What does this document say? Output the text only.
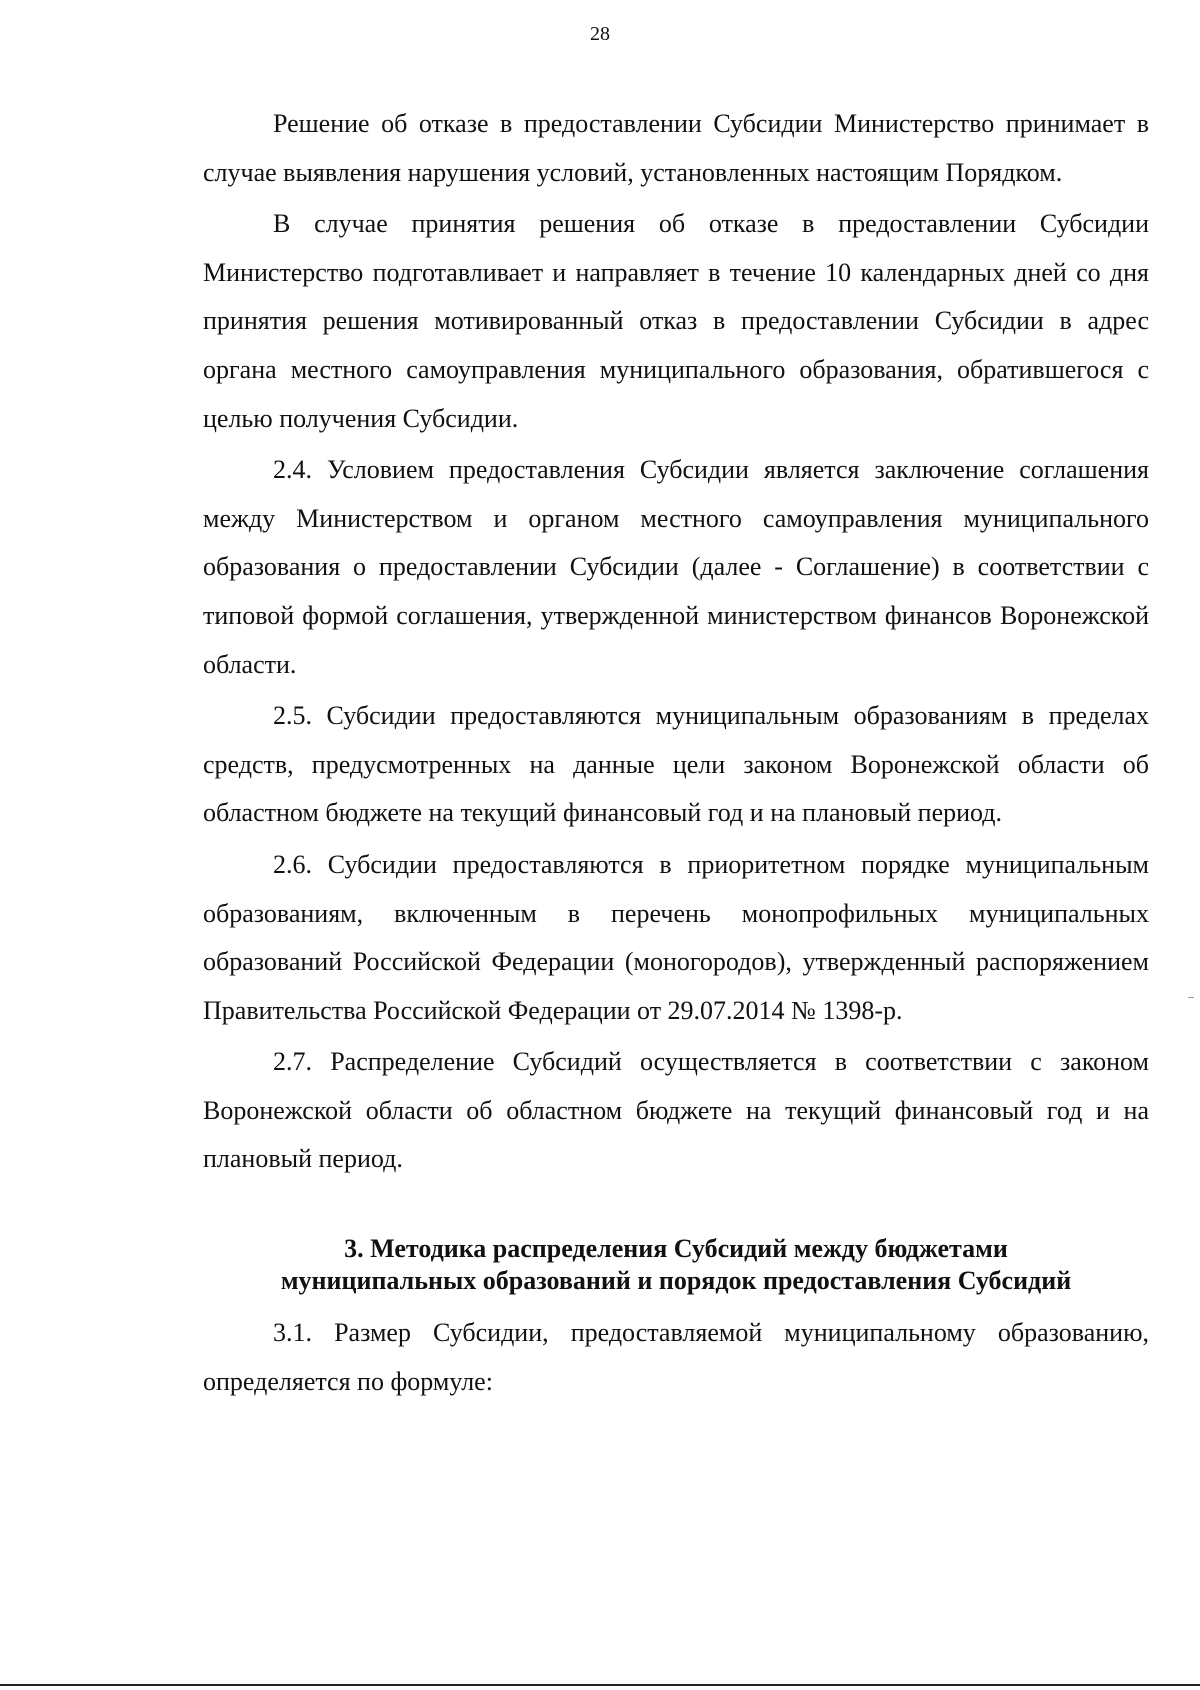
28

Решение об отказе в предоставлении Субсидии Министерство принимает в случае выявления нарушения условий, установленных настоящим Порядком.

В случае принятия решения об отказе в предоставлении Субсидии Министерство подготавливает и направляет в течение 10 календарных дней со дня принятия решения мотивированный отказ в предоставлении Субсидии в адрес органа местного самоуправления муниципального образования, обратившегося с целью получения Субсидии.

2.4. Условием предоставления Субсидии является заключение соглашения между Министерством и органом местного самоуправления муниципального образования о предоставлении Субсидии (далее - Соглашение) в соответствии с типовой формой соглашения, утвержденной министерством финансов Воронежской области.

2.5. Субсидии предоставляются муниципальным образованиям в пределах средств, предусмотренных на данные цели законом Воронежской области об областном бюджете на текущий финансовый год и на плановый период.

2.6. Субсидии предоставляются в приоритетном порядке муниципальным образованиям, включенным в перечень монопрофильных муниципальных образований Российской Федерации (моногородов), утвержденный распоряжением Правительства Российской Федерации от 29.07.2014 № 1398-р.

2.7. Распределение Субсидий осуществляется в соответствии с законом Воронежской области об областном бюджете на текущий финансовый год и на плановый период.

3. Методика распределения Субсидий между бюджетами
муниципальных образований и порядок предоставления Субсидий

3.1. Размер Субсидии, предоставляемой муниципальному образованию, определяется по формуле:
